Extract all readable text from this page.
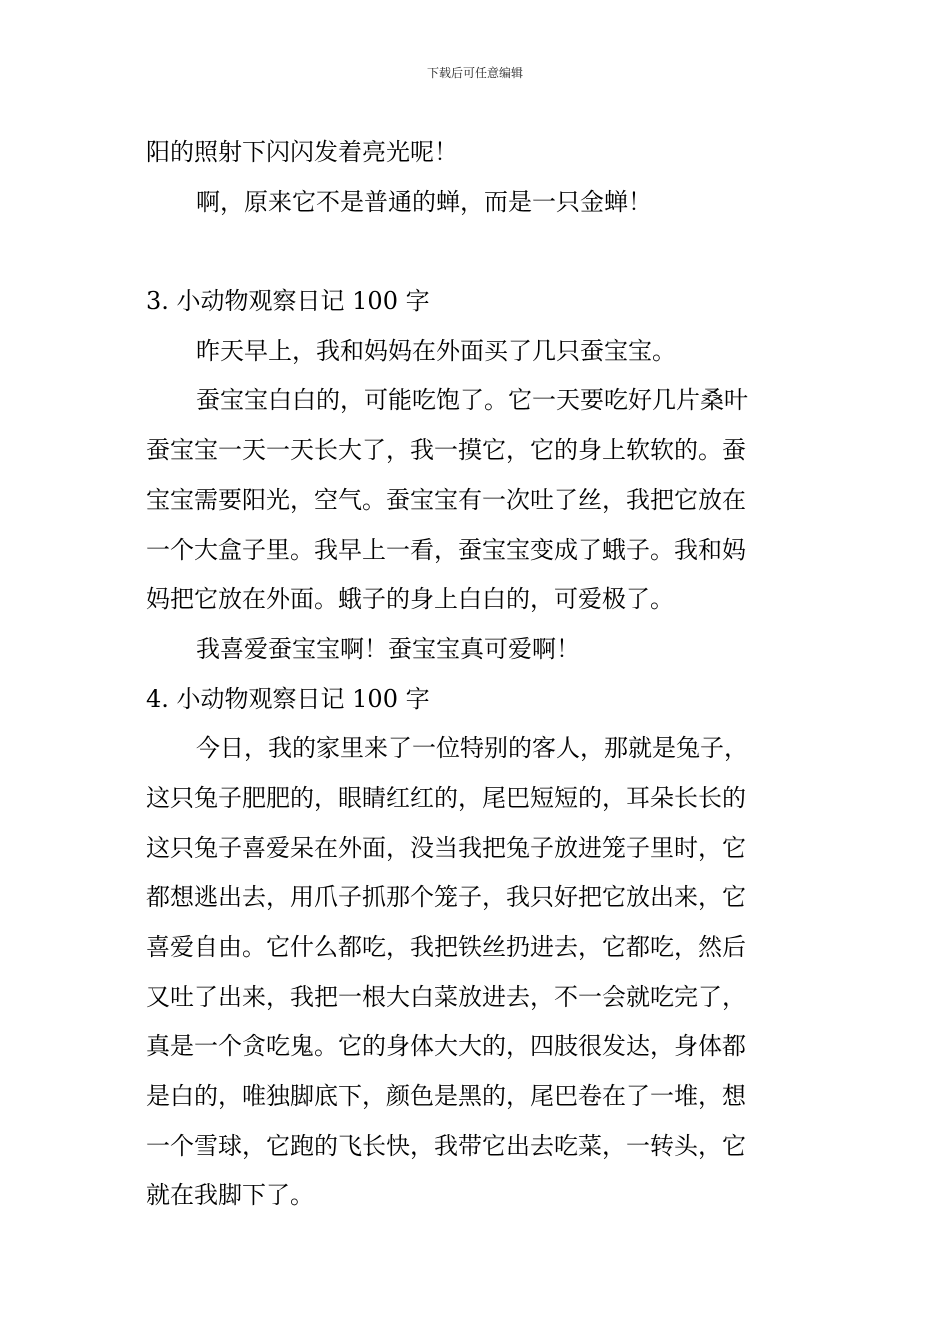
下载后可任意编辑
阳的照射下闪闪发着亮光呢！
啊，原来它不是普通的蝉，而是一只金蝉！
3. 小动物观察日记 100 字
昨天早上，我和妈妈在外面买了几只蚕宝宝。
蚕宝宝白白的，可能吃饱了。它一天要吃好几片桑叶
蚕宝宝一天一天长大了，我一摸它，它的身上软软的。蚕
宝宝需要阳光，空气。蚕宝宝有一次吐了丝，我把它放在
一个大盒子里。我早上一看，蚕宝宝变成了蛾子。我和妈
妈把它放在外面。蛾子的身上白白的，可爱极了。
我喜爱蚕宝宝啊！蚕宝宝真可爱啊！
4. 小动物观察日记 100 字
今日，我的家里来了一位特别的客人，那就是兔子，
这只兔子肥肥的，眼睛红红的，尾巴短短的，耳朵长长的
这只兔子喜爱呆在外面，没当我把兔子放进笼子里时，它
都想逃出去，用爪子抓那个笼子，我只好把它放出来，它
喜爱自由。它什么都吃，我把铁丝扔进去，它都吃，然后
又吐了出来，我把一根大白菜放进去，不一会就吃完了，
真是一个贪吃鬼。它的身体大大的，四肢很发达，身体都
是白的，唯独脚底下，颜色是黑的，尾巴卷在了一堆，想
一个雪球，它跑的飞长快，我带它出去吃菜，一转头，它
就在我脚下了。
